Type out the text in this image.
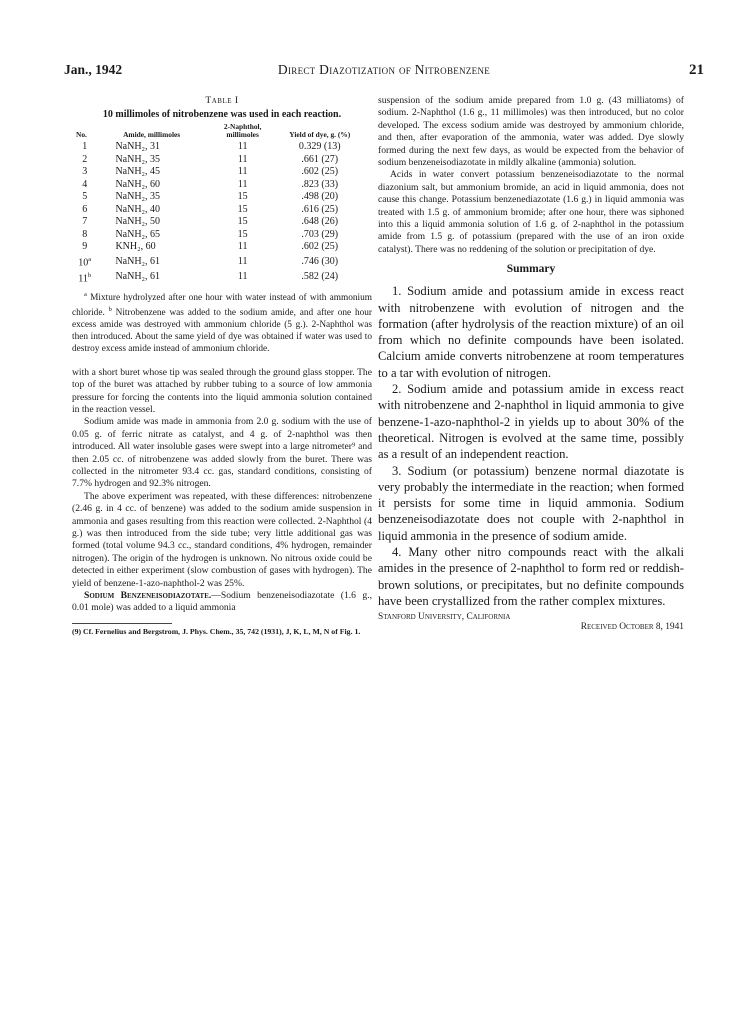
Jan., 1942	Direct Diazotization of Nitrobenzene	21

Table I

10 millimoles of nitrobenzene was used in each reaction.

No.	Amide, millimoles	2-Naphthol, millimoles	Yield of dye, g. (%)
1	NaNH₂, 31	11	0.329 (13)
2	NaNH₂, 35	11	.661 (27)
3	NaNH₂, 45	11	.602 (25)
4	NaNH₂, 60	11	.823 (33)
5	NaNH₂, 35	15	.498 (20)
6	NaNH₂, 40	15	.616 (25)
7	NaNH₂, 50	15	.648 (26)
8	NaNH₂, 65	15	.703 (29)
9	KNH₂, 60	11	.602 (25)
10$^a$	NaNH₂, 61	11	.746 (30)
11$^b$	NaNH₂, 61	11	.582 (24)

$^a$ Mixture hydrolyzed after one hour with water instead of with ammonium chloride. $^b$ Nitrobenzene was added to the sodium amide, and after one hour excess amide was destroyed with ammonium chloride (5 g.). 2-Naphthol was then introduced. About the same yield of dye was obtained if water was used to destroy excess amide instead of ammonium chloride.

with a short buret whose tip was sealed through the ground glass stopper. The top of the buret was attached by rubber tubing to a source of low ammonia pressure for forcing the contents into the liquid ammonia solution contained in the reaction vessel.

Sodium amide was made in ammonia from 2.0 g. sodium with the use of 0.05 g. of ferric nitrate as catalyst, and 4 g. of 2-naphthol was then introduced. All water insoluble gases were swept into a large nitrometer⁹ and then 2.05 cc. of nitrobenzene was added slowly from the buret. There was collected in the nitrometer 93.4 cc. gas, standard conditions, consisting of 7.7% hydrogen and 92.3% nitrogen.

The above experiment was repeated, with these differences: nitrobenzene (2.46 g. in 4 cc. of benzene) was added to the sodium amide suspension in ammonia and gases resulting from this reaction were collected. 2-Naphthol (4 g.) was then introduced from the side tube; very little additional gas was formed (total volume 94.3 cc., standard conditions, 4% hydrogen, remainder nitrogen). The origin of the hydrogen is unknown. No nitrous oxide could be detected in either experiment (slow combustion of gases with hydrogen). The yield of benzene-1-azo-naphthol-2 was 25%.

Sodium Benzeneisodiazotate.—Sodium benzeneisodiazotate (1.6 g., 0.01 mole) was added to a liquid ammonia

(9) Cf. Fernelius and Bergstrom, J. Phys. Chem., 35, 742 (1931), J, K, L, M, N of Fig. 1.

suspension of the sodium amide prepared from 1.0 g. (43 milliatoms) of sodium. 2-Naphthol (1.6 g., 11 millimoles) was then introduced, but no color developed. The excess sodium amide was destroyed by ammonium chloride, and then, after evaporation of the ammonia, water was added. Dye slowly formed during the next few days, as would be expected from the behavior of sodium benzeneisodiazotate in mildly alkaline (ammonia) solution.

Acids in water convert potassium benzeneisodiazotate to the normal diazonium salt, but ammonium bromide, an acid in liquid ammonia, does not cause this change. Potassium benzenediazotate (1.6 g.) in liquid ammonia was treated with 1.5 g. of ammonium bromide; after one hour, there was siphoned into this a liquid ammonia solution of 1.6 g. of 2-naphthol in the potassium amide from 1.5 g. of potassium (prepared with the use of an iron oxide catalyst). There was no reddening of the solution or precipitation of dye.

Summary

1. Sodium amide and potassium amide in excess react with nitrobenzene with evolution of nitrogen and the formation (after hydrolysis of the reaction mixture) of an oil from which no definite compounds have been isolated. Calcium amide converts nitrobenzene at room temperatures to a tar with evolution of nitrogen.

2. Sodium amide and potassium amide in excess react with nitrobenzene and 2-naphthol in liquid ammonia to give benzene-1-azo-naphthol-2 in yields up to about 30% of the theoretical. Nitrogen is evolved at the same time, possibly as a result of an independent reaction.

3. Sodium (or potassium) benzene normal diazotate is very probably the intermediate in the reaction; when formed it persists for some time in liquid ammonia. Sodium benzeneisodiazotate does not couple with 2-naphthol in liquid ammonia in the presence of sodium amide.

4. Many other nitro compounds react with the alkali amides in the presence of 2-naphthol to form red or reddish-brown solutions, or precipitates, but no definite compounds have been crystallized from the rather complex mixtures.

Stanford University, California

Received October 8, 1941
